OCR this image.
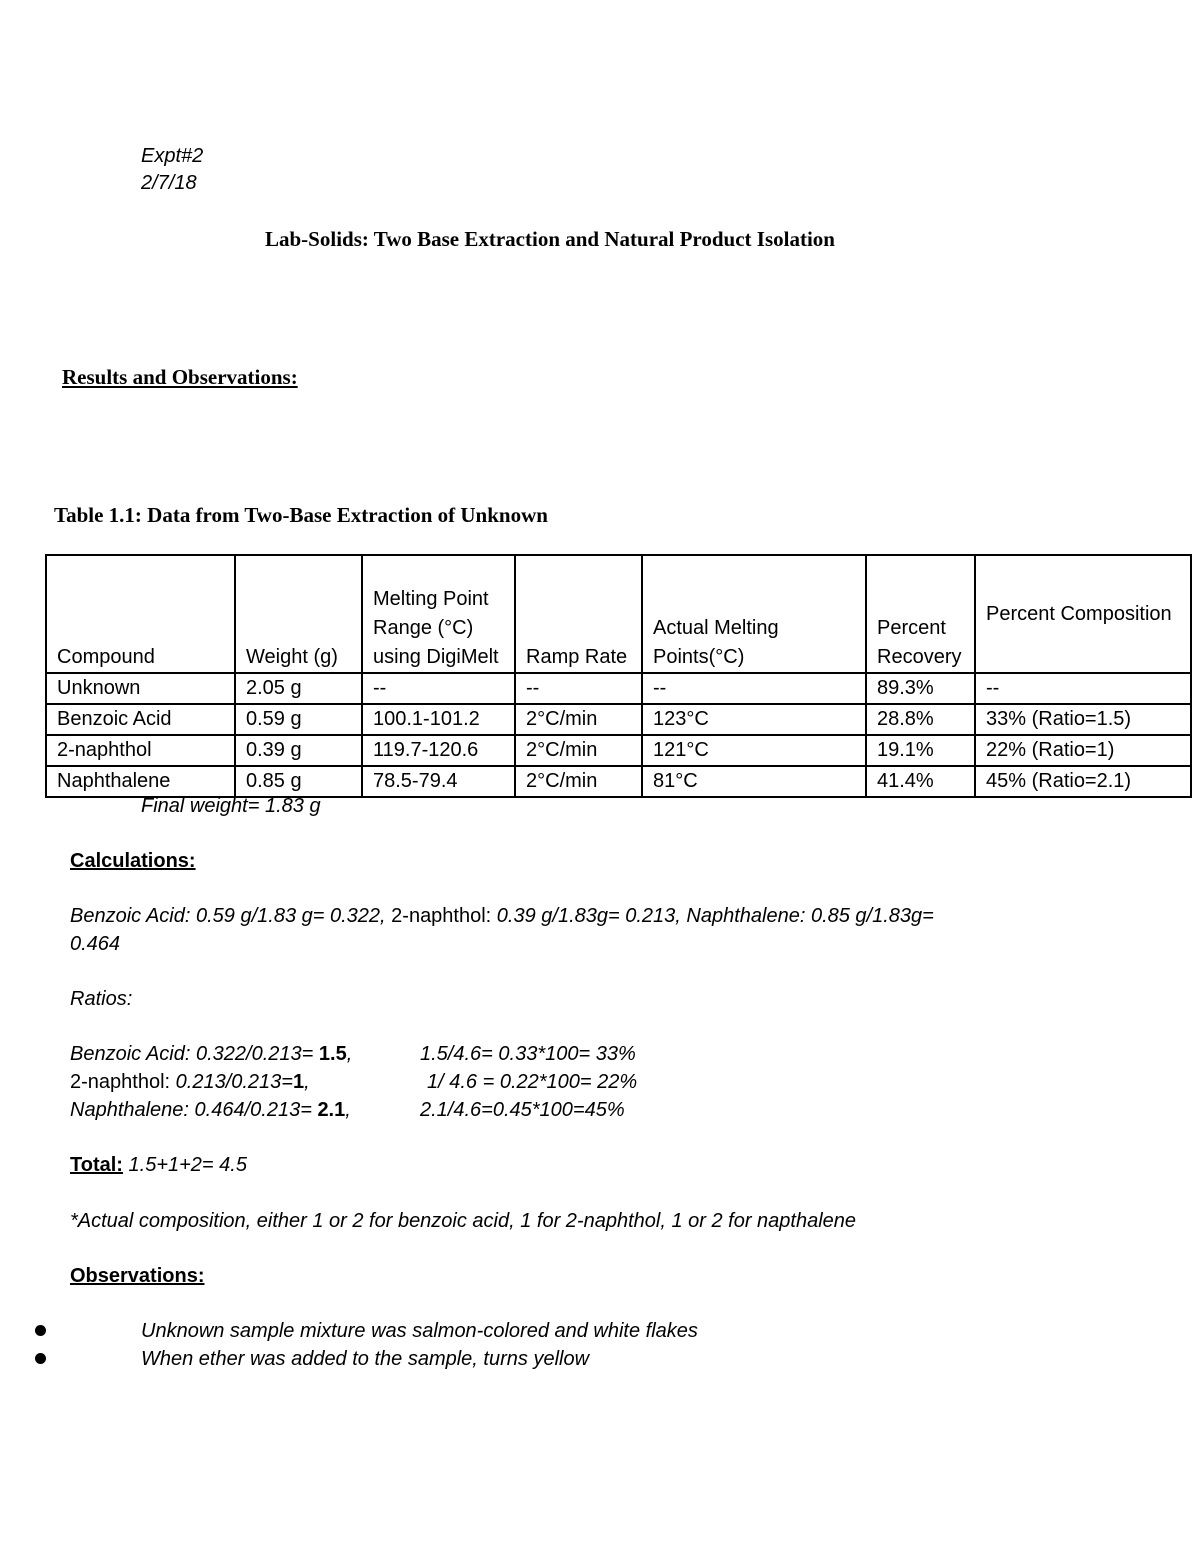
Expt#2
2/7/18
Lab-Solids: Two Base Extraction and Natural Product Isolation
Results and Observations:
Table 1.1: Data from Two-Base Extraction of Unknown
Compound	Weight (g)	Melting Point Range (°C) using DigiMelt	Ramp Rate	Actual Melting Points(°C)	Percent Recovery	Percent Composition
Unknown	2.05 g	--	--	--	89.3%	--
Benzoic Acid	0.59 g	100.1-101.2	2°C/min	123°C	28.8%	33% (Ratio=1.5)
2-naphthol	0.39 g	119.7-120.6	2°C/min	121°C	19.1%	22% (Ratio=1)
Naphthalene	0.85 g	78.5-79.4	2°C/min	81°C	41.4%	45% (Ratio=2.1)
Final weight= 1.83 g
Calculations:
Benzoic Acid: 0.59 g/1.83 g= 0.322, 2-naphthol: 0.39 g/1.83g= 0.213, Naphthalene: 0.85 g/1.83g=
0.464
Ratios:
Benzoic Acid: 0.322/0.213= 1.5,	1.5/4.6= 0.33*100= 33%
2-naphthol: 0.213/0.213=1,	1/ 4.6 = 0.22*100= 22%
Naphthalene: 0.464/0.213= 2.1,	2.1/4.6=0.45*100=45%
Total: 1.5+1+2= 4.5
*Actual composition, either 1 or 2 for benzoic acid, 1 for 2-naphthol, 1 or 2 for napthalene
Observations:
Unknown sample mixture was salmon-colored and white flakes
When ether was added to the sample, turns yellow
